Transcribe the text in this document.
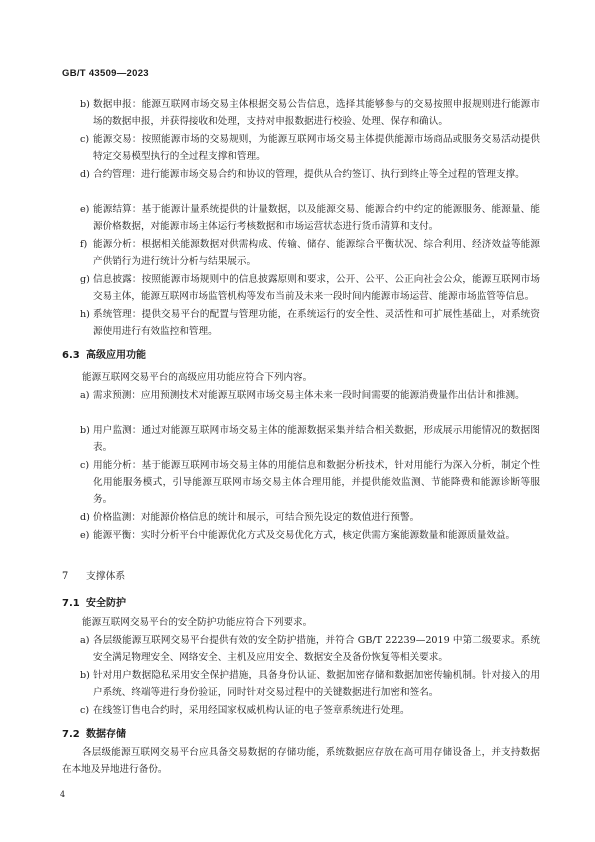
GB/T 43509—2023
b) 数据申报：能源互联网市场交易主体根据交易公告信息，选择其能够参与的交易按照申报规则进行能源市场的数据申报，并获得接收和处理，支持对申报数据进行校验、处理、保存和确认。
c) 能源交易：按照能源市场的交易规则，为能源互联网市场交易主体提供能源市场商品或服务交易活动提供特定交易模型执行的全过程支撑和管理。
d) 合约管理：进行能源市场交易合约和协议的管理，提供从合约签订、执行到终止等全过程的管理支撑。
e) 能源结算：基于能源计量系统提供的计量数据，以及能源交易、能源合约中约定的能源服务、能源量、能源价格数据，对能源市场主体运行考核数据和市场运营状态进行货币清算和支付。
f) 能源分析：根据相关能源数据对供需构成、传输、储存、能源综合平衡状况、综合利用、经济效益等能源产供销行为进行统计分析与结果展示。
g) 信息披露：按照能源市场规则中的信息披露原则和要求，公开、公平、公正向社会公众，能源互联网市场交易主体，能源互联网市场监管机构等发布当前及未来一段时间内能源市场运营、能源市场监管等信息。
h) 系统管理：提供交易平台的配置与管理功能，在系统运行的安全性、灵活性和可扩展性基础上，对系统资源使用进行有效监控和管理。
6.3 高级应用功能
能源互联网交易平台的高级应用功能应符合下列内容。
a) 需求预测：应用预测技术对能源互联网市场交易主体未来一段时间需要的能源消费量作出估计和推测。
b) 用户监测：通过对能源互联网市场交易主体的能源数据采集并结合相关数据，形成展示用能情况的数据图表。
c) 用能分析：基于能源互联网市场交易主体的用能信息和数据分析技术，针对用能行为深入分析，制定个性化用能服务模式，引导能源互联网市场交易主体合理用能，并提供能效监测、节能降费和能源诊断等服务。
d) 价格监测：对能源价格信息的统计和展示，可结合预先设定的数值进行预警。
e) 能源平衡：实时分析平台中能源优化方式及交易优化方式，核定供需方案能源数量和能源质量效益。
7 支撑体系
7.1 安全防护
能源互联网交易平台的安全防护功能应符合下列要求。
a) 各层级能源互联网交易平台提供有效的安全防护措施，并符合 GB/T 22239—2019 中第二级要求。系统安全满足物理安全、网络安全、主机及应用安全、数据安全及备份恢复等相关要求。
b) 针对用户数据隐私采用安全保护措施，具备身份认证、数据加密存储和数据加密传输机制。针对接入的用户系统、终端等进行身份验证，同时针对交易过程中的关键数据进行加密和签名。
c) 在线签订售电合约时，采用经国家权威机构认证的电子签章系统进行处理。
7.2 数据存储
各层级能源互联网交易平台应具备交易数据的存储功能，系统数据应存放在高可用存储设备上，并支持数据在本地及异地进行备份。
4
